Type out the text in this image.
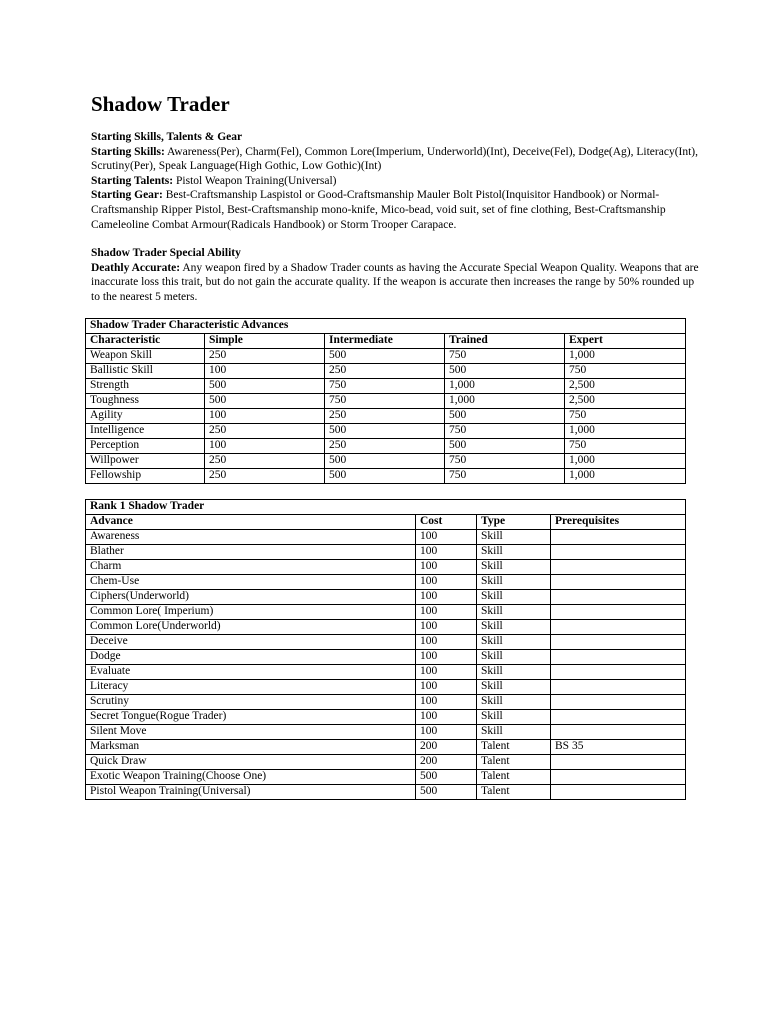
Shadow Trader
Starting Skills, Talents & Gear
Starting Skills: Awareness(Per), Charm(Fel), Common Lore(Imperium, Underworld)(Int), Deceive(Fel), Dodge(Ag), Literacy(Int), Scrutiny(Per), Speak Language(High Gothic, Low Gothic)(Int)
Starting Talents: Pistol Weapon Training(Universal)
Starting Gear: Best-Craftsmanship Laspistol or Good-Craftsmanship Mauler Bolt Pistol(Inquisitor Handbook) or Normal-Craftsmanship Ripper Pistol, Best-Craftsmanship mono-knife, Mico-bead, void suit, set of fine clothing, Best-Craftsmanship Cameleoline Combat Armour(Radicals Handbook) or Storm Trooper Carapace.
Shadow Trader Special Ability
Deathly Accurate: Any weapon fired by a Shadow Trader counts as having the Accurate Special Weapon Quality. Weapons that are inaccurate loss this trait, but do not gain the accurate quality. If the weapon is accurate then increases the range by 50% rounded up to the nearest 5 meters.
Shadow Trader Characteristic Advances				
Characteristic	Simple	Intermediate	Trained	Expert
Weapon Skill	250	500	750	1,000
Ballistic Skill	100	250	500	750
Strength	500	750	1,000	2,500
Toughness	500	750	1,000	2,500
Agility	100	250	500	750
Intelligence	250	500	750	1,000
Perception	100	250	500	750
Willpower	250	500	750	1,000
Fellowship	250	500	750	1,000
Rank 1 Shadow Trader			
Advance	Cost	Type	Prerequisites
Awareness	100	Skill	
Blather	100	Skill	
Charm	100	Skill	
Chem-Use	100	Skill	
Ciphers(Underworld)	100	Skill	
Common Lore( Imperium)	100	Skill	
Common Lore(Underworld)	100	Skill	
Deceive	100	Skill	
Dodge	100	Skill	
Evaluate	100	Skill	
Literacy	100	Skill	
Scrutiny	100	Skill	
Secret Tongue(Rogue Trader)	100	Skill	
Silent Move	100	Skill	
Marksman	200	Talent	BS 35
Quick Draw	200	Talent	
Exotic Weapon Training(Choose One)	500	Talent	
Pistol Weapon Training(Universal)	500	Talent	
